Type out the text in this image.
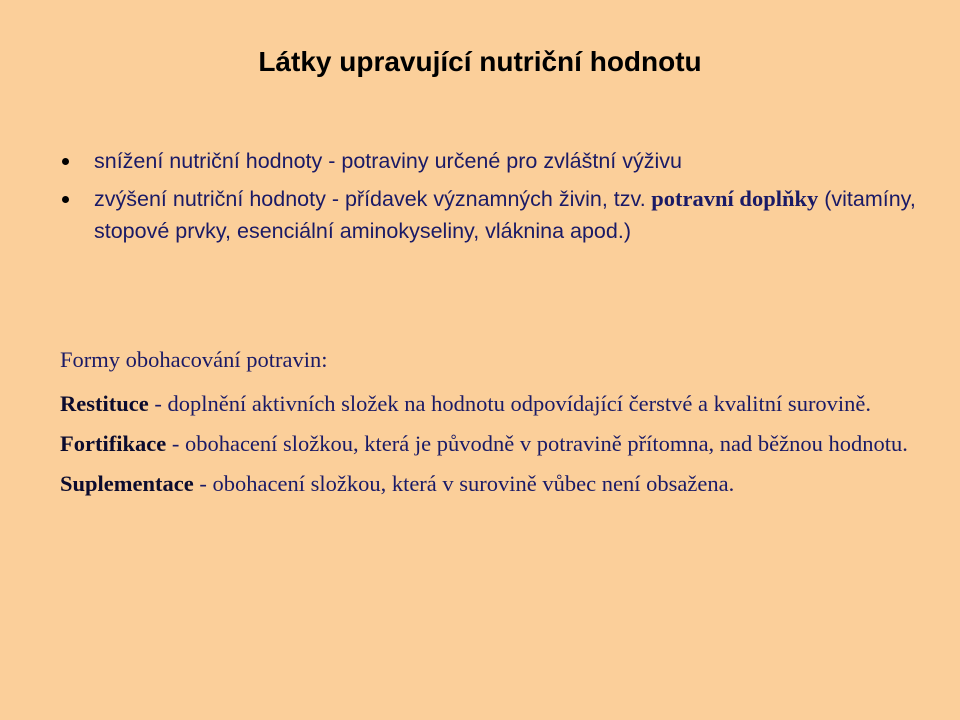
Látky upravující nutriční hodnotu
snížení nutriční hodnoty - potraviny určené pro zvláštní výživu
zvýšení nutriční hodnoty - přídavek významných živin, tzv. potravní doplňky (vitamíny, stopové prvky, esenciální aminokyseliny, vláknina apod.)

Formy obohacování potravin:

Restituce - doplnění aktivních složek na hodnotu odpovídající čerstvé a kvalitní surovině.

Fortifikace - obohacení složkou, která je původně v potravině přítomna, nad běžnou hodnotu.

Suplementace - obohacení složkou, která v surovině vůbec není obsažena.
